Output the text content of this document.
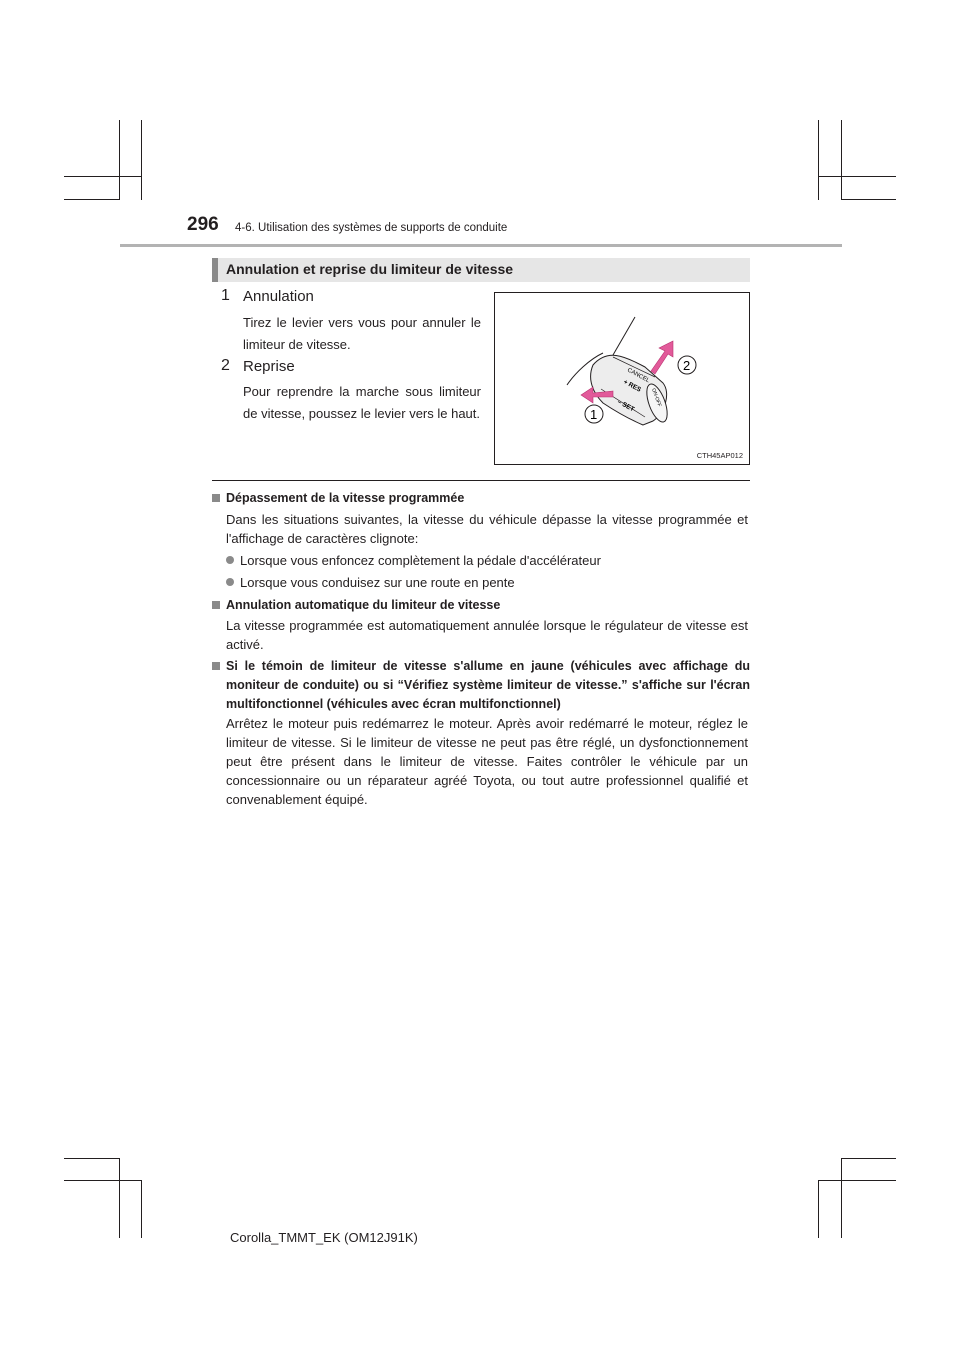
296 4-6. Utilisation des systèmes de supports de conduite
Annulation et reprise du limiteur de vitesse
1 Annulation
Tirez le levier vers vous pour annuler le limiteur de vitesse.
2 Reprise
Pour reprendre la marche sous limiteur de vitesse, poussez le levier vers le haut.
CANCEL
+ RES
– SET	ON-OFF
1
2
CTH45AP012
Dépassement de la vitesse programmée
Dans les situations suivantes, la vitesse du véhicule dépasse la vitesse programmée et l'affichage de caractères clignote:
Lorsque vous enfoncez complètement la pédale d'accélérateur
Lorsque vous conduisez sur une route en pente
Annulation automatique du limiteur de vitesse
La vitesse programmée est automatiquement annulée lorsque le régulateur de vitesse est activé.
Si le témoin de limiteur de vitesse s'allume en jaune (véhicules avec affichage du moniteur de conduite) ou si “Vérifiez système limiteur de vitesse.” s'affiche sur l'écran multifonctionnel (véhicules avec écran multifonctionnel)
Arrêtez le moteur puis redémarrez le moteur. Après avoir redémarré le moteur, réglez le limiteur de vitesse. Si le limiteur de vitesse ne peut pas être réglé, un dysfonctionnement peut être présent dans le limiteur de vitesse. Faites contrôler le véhicule par un concessionnaire ou un réparateur agréé Toyota, ou tout autre professionnel qualifié et convenablement équipé.
Corolla_TMMT_EK (OM12J91K)
